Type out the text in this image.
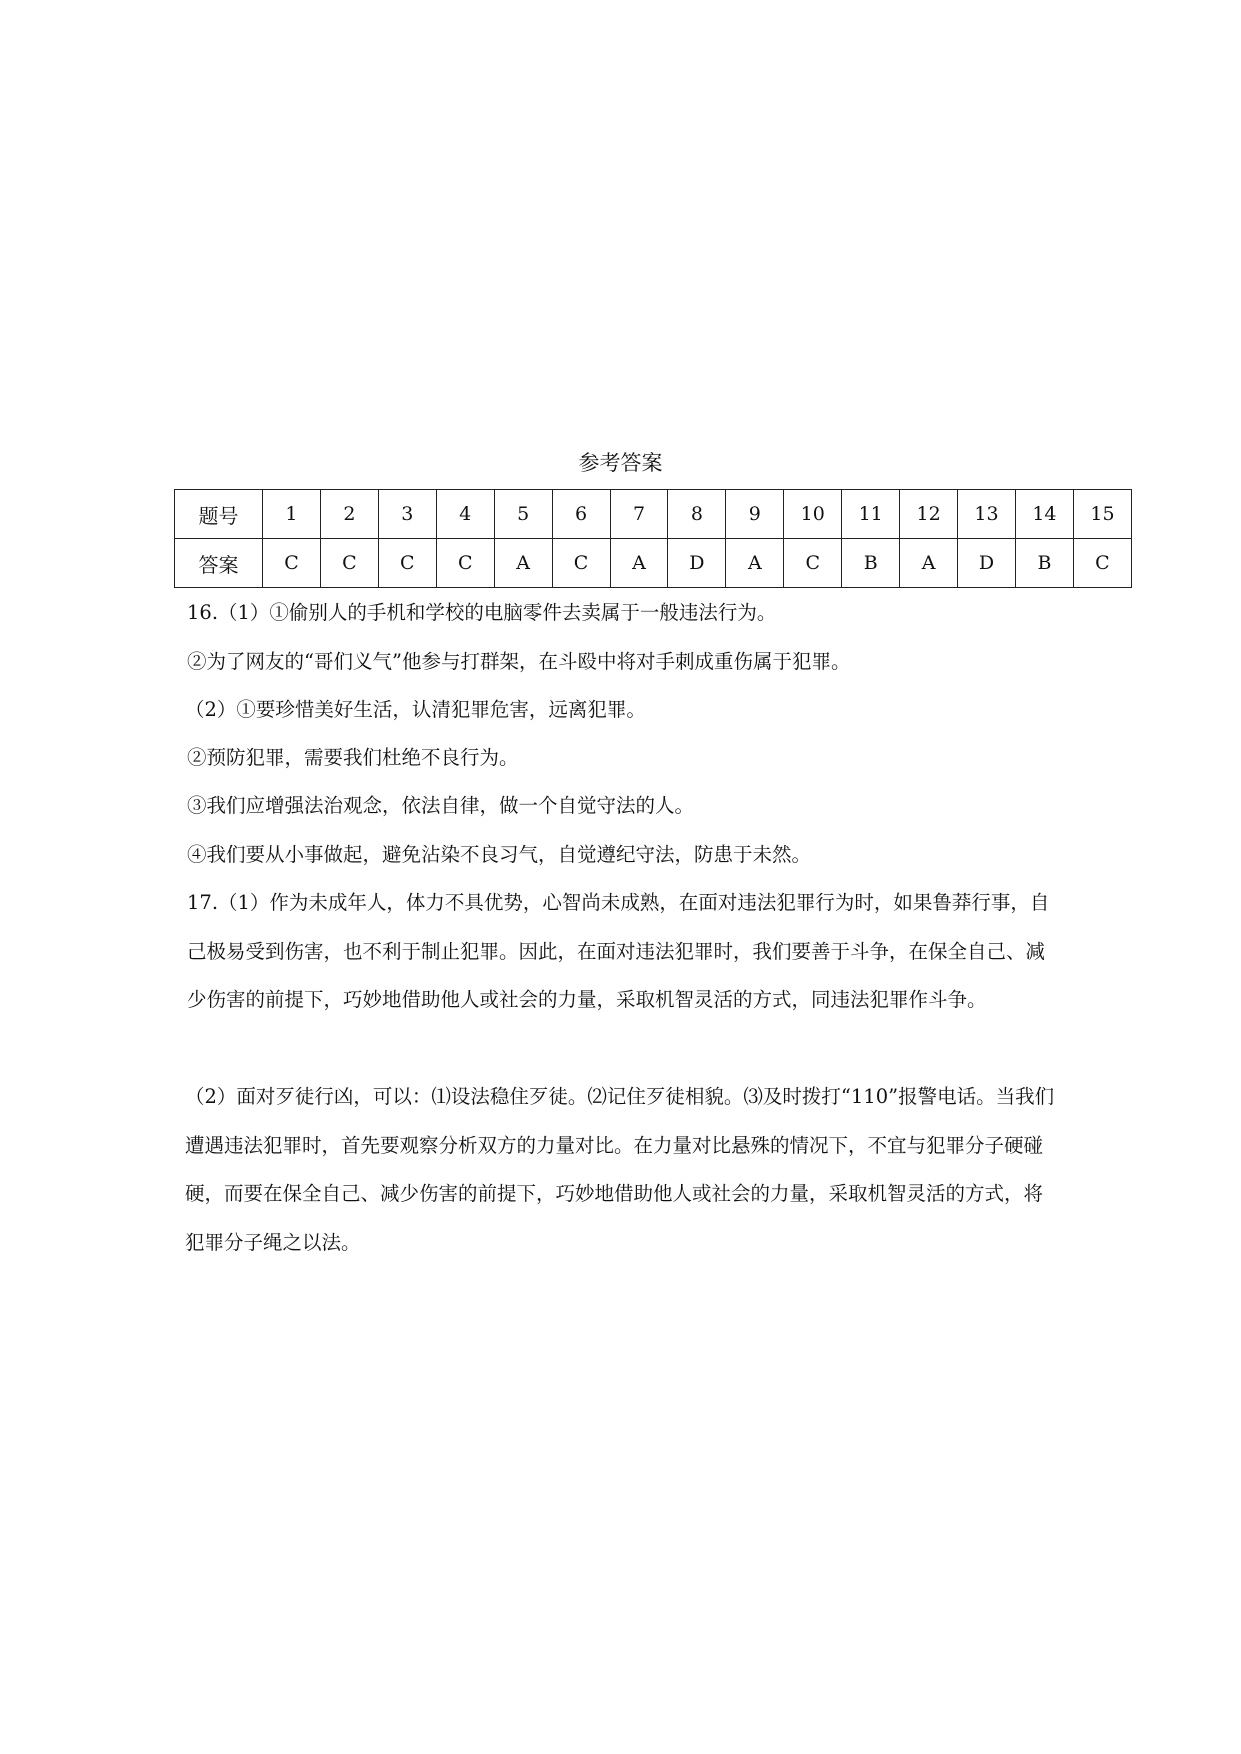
参考答案
题号	1	2	3	4	5	6	7	8	9	10	11	12	13	14	15
答案	C	C	C	C	A	C	A	D	A	C	B	A	D	B	C

16.（1）①偷别人的手机和学校的电脑零件去卖属于一般违法行为。

②为了网友的“哥们义气”他参与打群架，在斗殴中将对手刺成重伤属于犯罪。

（2）①要珍惜美好生活，认清犯罪危害，远离犯罪。

②预防犯罪，需要我们杜绝不良行为。

③我们应增强法治观念，依法自律，做一个自觉守法的人。

④我们要从小事做起，避免沾染不良习气，自觉遵纪守法，防患于未然。

17.（1）作为未成年人，体力不具优势，心智尚未成熟，在面对违法犯罪行为时，如果鲁莽行事，自己极易受到伤害，也不利于制止犯罪。因此，在面对违法犯罪时，我们要善于斗争，在保全自己、减少伤害的前提下，巧妙地借助他人或社会的力量，采取机智灵活的方式，同违法犯罪作斗争。

（2）面对歹徒行凶，可以：⑴设法稳住歹徒。⑵记住歹徒相貌。⑶及时拨打“110”报警电话。当我们遭遇违法犯罪时，首先要观察分析双方的力量对比。在力量对比悬殊的情况下，不宜与犯罪分子硬碰硬，而要在保全自己、减少伤害的前提下，巧妙地借助他人或社会的力量，采取机智灵活的方式，将犯罪分子绳之以法。
